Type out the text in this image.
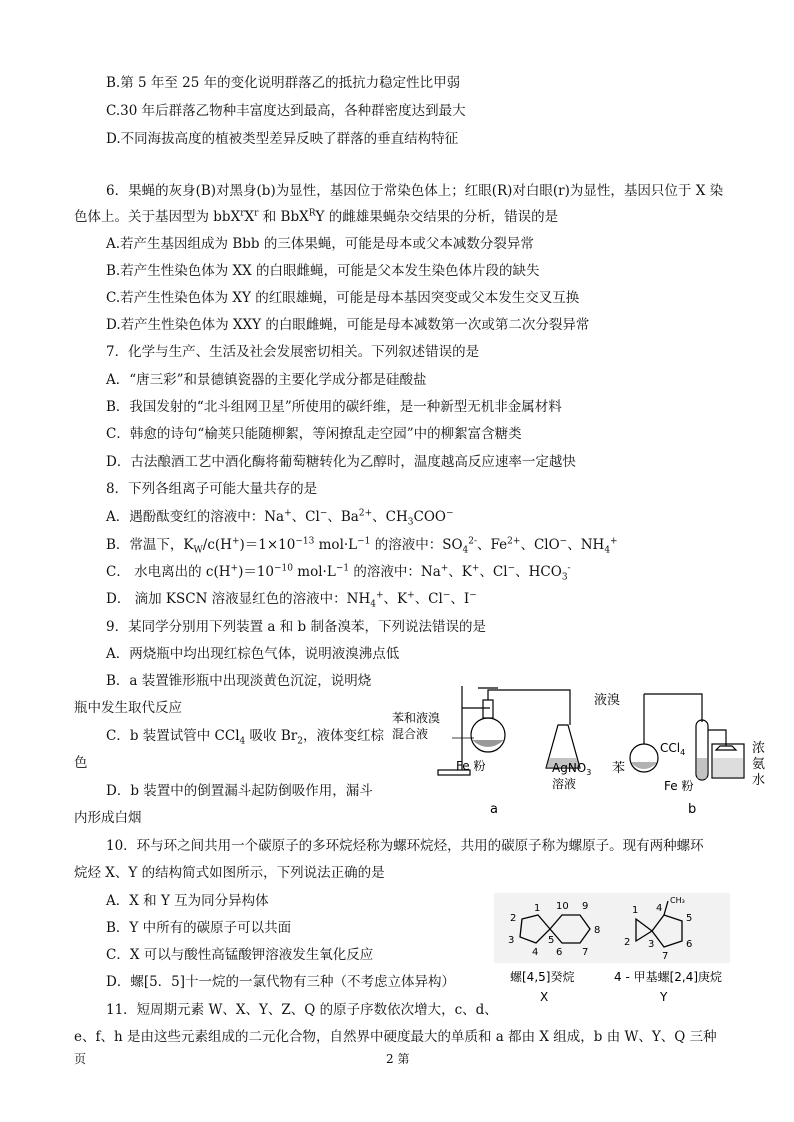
B.第 5 年至 25 年的变化说明群落乙的抵抗力稳定性比甲弱
C.30 年后群落乙物种丰富度达到最高，各种群密度达到最大
D.不同海拔高度的植被类型差异反映了群落的垂直结构特征
6．果蝇的灰身(B)对黑身(b)为显性，基因位于常染色体上；红眼(R)对白眼(r)为显性，基因只位于 X 染
色体上。关于基因型为 $bbX^rX^r$ 和 BbX$^R$Y 的雌雄果蝇杂交结果的分析，错误的是
A.若产生基因组成为 Bbb 的三体果蝇，可能是母本或父本减数分裂异常
B.若产生性染色体为 XX 的白眼雌蝇，可能是父本发生染色体片段的缺失
C.若产生性染色体为 XY 的红眼雄蝇，可能是母本基因突变或父本发生交叉互换
D.若产生性染色体为 XXY 的白眼雌蝇，可能是母本减数第一次或第二次分裂异常
7．化学与生产、生活及社会发展密切相关。下列叙述错误的是
A．“唐三彩”和景德镇瓷器的主要化学成分都是硅酸盐
B．我国发射的“北斗组网卫星”所使用的碳纤维，是一种新型无机非金属材料
C．韩愈的诗句“榆荚只能随柳絮，等闲撩乱走空园”中的柳絮富含糖类
D．古法酿酒工艺中酒化酶将葡萄糖转化为乙醇时，温度越高反应速率一定越快
8．下列各组离子可能大量共存的是
A．遇酚酞变红的溶液中：Na+、Cl−、$Ba^{2+}$、$CH_3COO^-$
B．常温下，$K_W/c(H^+)=1\times 10^{-13}$ $mol\cdot L^{-1}$ 的溶液中：$SO_4^{2-}$、$Fe^{2+}$、ClO−、$NH_4^+$
C． 水电离出的 $c(H^+)=10^{-10}$ $mol\cdot L^{-1}$ 的溶液中：Na+、K+、Cl−、$HCO_3^-$
D． 滴加 KSCN 溶液显红色的溶液中：$NH_4^+$、K+、Cl−、I−
9．某同学分别用下列装置 a 和 b 制备溴苯，下列说法错误的是
A．两烧瓶中均出现红棕色气体，说明液溴沸点低
B．a 装置锥形瓶中出现淡黄色沉淀，说明烧
瓶中发生取代反应
C．b 装置试管中 CCl$_4$ 吸收 $Br_2$，液体变红棕
色
D．b 装置中的倒置漏斗起防倒吸作用，漏斗
内形成白烟
10．环与环之间共用一个碳原子的多环烷烃称为螺环烷烃，共用的碳原子称为螺原子。现有两种螺环
烷烃 X、Y 的结构简式如图所示，下列说法正确的是
A．X 和 Y 互为同分异构体
B．Y 中所有的碳原子可以共面
C．X 可以与酸性高锰酸钾溶液发生氧化反应
D．螺[5．5]十一烷的一氯代物有三种（不考虑立体异构）
11．短周期元素 W、X、Y、Z、Q 的原子序数依次增大，c、d、
e、f、h 是由这些元素组成的二元化合物，自然界中硬度最大的单质和 a 都由 X 组成，b 由 W、Y、Q 三种
苯和液溴
混合液
Fe 粉	AgNO$_3$
溶液
a
液溴
苯
CCl$_4$
Fe 粉
浓
氨
水
b
1
2
3
4
5
6 7
8
9
10
螺[4,5]癸烷
X
1
2 3
4
5
6
7
CH₃
4 - 甲基螺[2,4]庚烷
Y
页	2 第
